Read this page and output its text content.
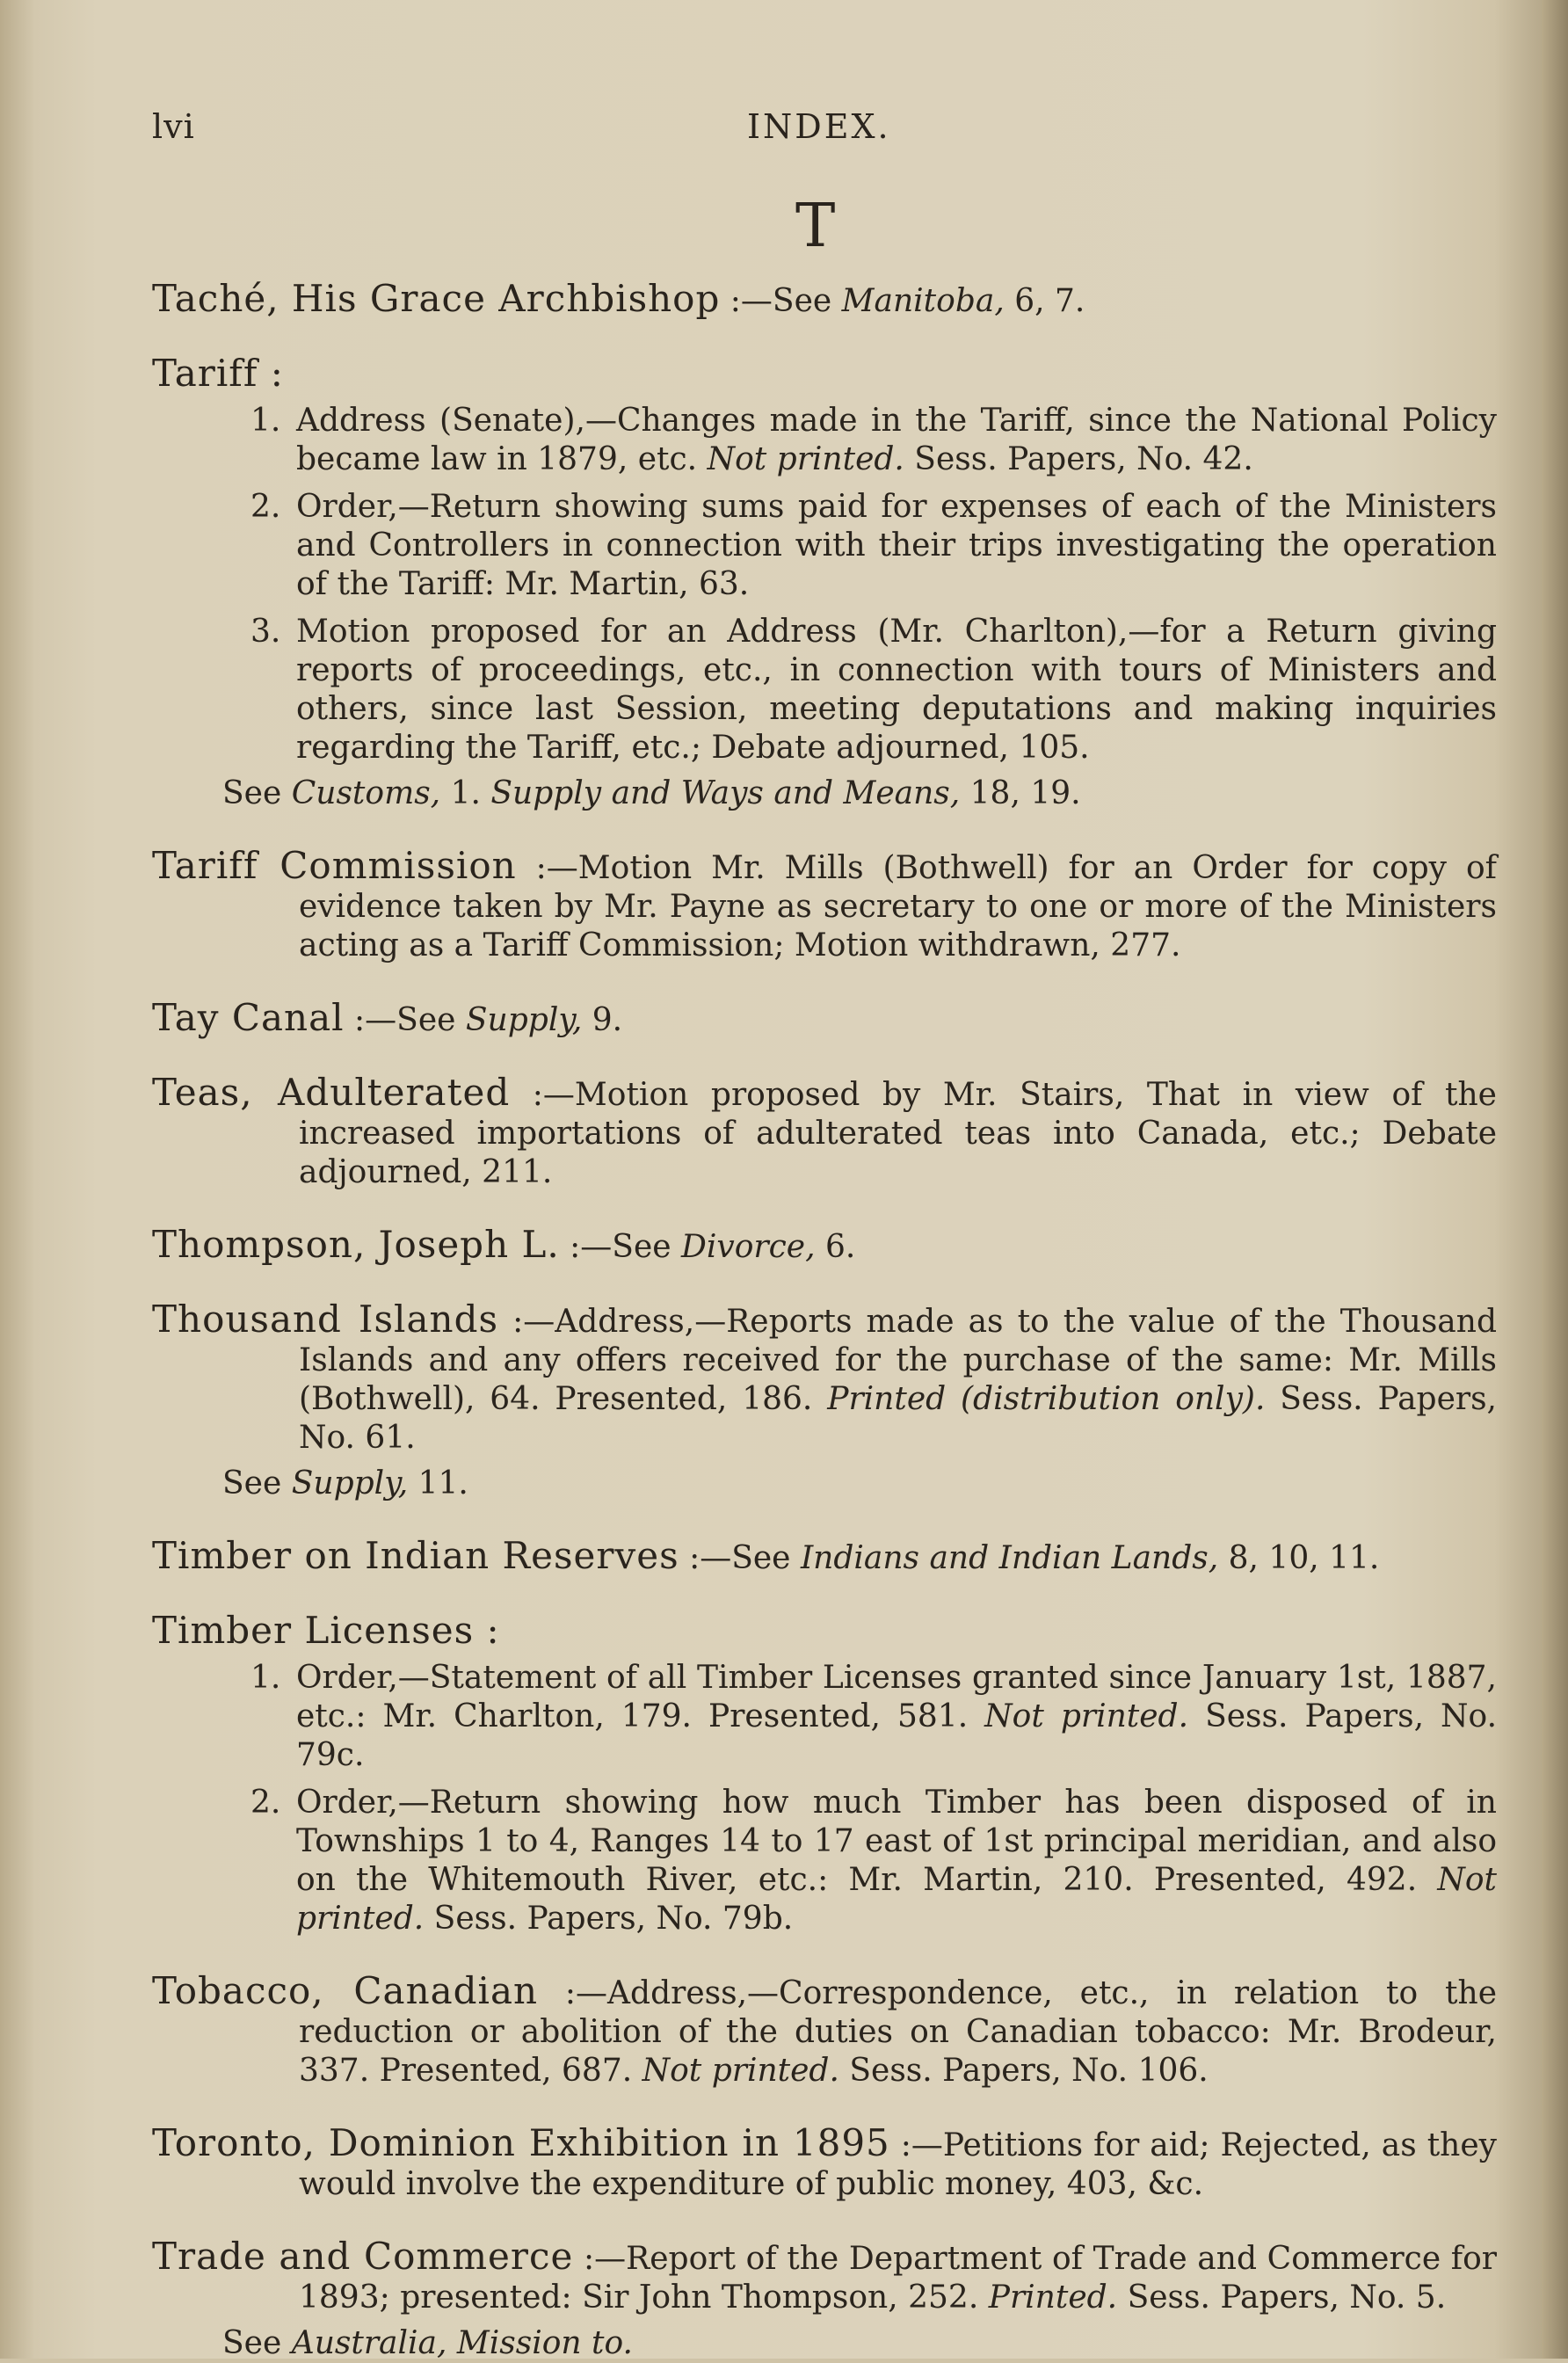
lvi	INDEX.
T
Taché, His Grace Archbishop :—See Manitoba, 6, 7.
Tariff :
1. Address (Senate),—Changes made in the Tariff, since the National Policy became law in 1879, etc. Not printed. Sess. Papers, No. 42.
2. Order,—Return showing sums paid for expenses of each of the Ministers and Controllers in connection with their trips investigating the operation of the Tariff: Mr. Martin, 63.
3. Motion proposed for an Address (Mr. Charlton),—for a Return giving reports of proceedings, etc., in connection with tours of Ministers and others, since last Session, meeting deputations and making inquiries regarding the Tariff, etc.; Debate adjourned, 105.
See Customs, 1. Supply and Ways and Means, 18, 19.
Tariff Commission :—Motion Mr. Mills (Bothwell) for an Order for copy of evidence taken by Mr. Payne as secretary to one or more of the Ministers acting as a Tariff Commission; Motion withdrawn, 277.
Tay Canal :—See Supply, 9.
Teas, Adulterated :—Motion proposed by Mr. Stairs, That in view of the increased importations of adulterated teas into Canada, etc.; Debate adjourned, 211.
Thompson, Joseph L. :—See Divorce, 6.
Thousand Islands :—Address,—Reports made as to the value of the Thousand Islands and any offers received for the purchase of the same: Mr. Mills (Bothwell), 64. Presented, 186. Printed (distribution only). Sess. Papers, No. 61.
See Supply, 11.
Timber on Indian Reserves :—See Indians and Indian Lands, 8, 10, 11.
Timber Licenses :
1. Order,—Statement of all Timber Licenses granted since January 1st, 1887, etc.: Mr. Charlton, 179. Presented, 581. Not printed. Sess. Papers, No. 79c.
2. Order,—Return showing how much Timber has been disposed of in Townships 1 to 4, Ranges 14 to 17 east of 1st principal meridian, and also on the Whitemouth River, etc.: Mr. Martin, 210. Presented, 492. Not printed. Sess. Papers, No. 79b.
Tobacco, Canadian :—Address,—Correspondence, etc., in relation to the reduction or abolition of the duties on Canadian tobacco: Mr. Brodeur, 337. Presented, 687. Not printed. Sess. Papers, No. 106.
Toronto, Dominion Exhibition in 1895 :—Petitions for aid; Rejected, as they would involve the expenditure of public money, 403, &c.
Trade and Commerce :—Report of the Department of Trade and Commerce for 1893; presented: Sir John Thompson, 252. Printed. Sess. Papers, No. 5.
See Australia, Mission to.
